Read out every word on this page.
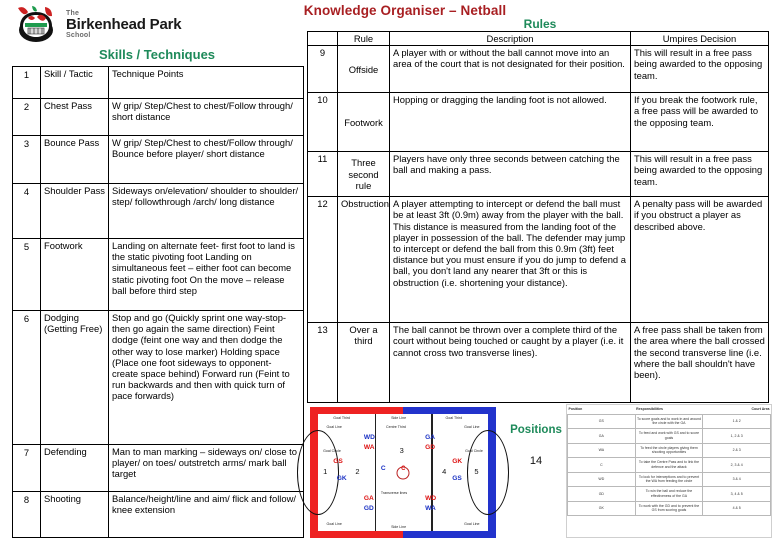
The
Birkenhead Park
School
Knowledge Organiser – Netball
Skills / Techniques
Rules
1	Skill / Tactic	Technique Points
2	Chest Pass	W grip/ Step/Chest to chest/Follow through/ short distance
3	Bounce Pass	W grip/ Step/Chest to chest/Follow through/ Bounce before player/ short distance
4	Shoulder Pass	Sideways on/elevation/ shoulder to shoulder/ step/ followthrough /arch/ long distance
5	Footwork	Landing on alternate feet- first foot to land is the static pivoting foot Landing on simultaneous feet – either foot can become static pivoting foot On the move – release ball before third step
6	Dodging (Getting Free)	Stop and go (Quickly sprint one way-stop-then go again the same direction) Feint dodge (feint one way and then dodge the other way to lose marker) Holding space (Place one foot sideways to opponent- create space behind) Forward run (Feint to run backwards and then with quick turn of pace forwards)
7	Defending	Man to man marking – sideways on/ close to player/ on toes/ outstretch arms/ mark ball target
8	Shooting	Balance/height/line and aim/ flick and follow/ knee extension
	Rule	Description	Umpires Decision
9	Offside	A player with or without the ball cannot move into an area of the court that is not designated for their position.	This will result in a free pass being awarded to the opposing team.
10	Footwork	Hopping or dragging the landing foot is not allowed.	If you break the footwork rule, a free pass will be awarded to the opposing team.
11	Three second rule	Players have only three seconds between catching the ball and making a pass.	This will result in a free pass being awarded to the opposing team.
12	Obstruction	A player attempting to intercept or defend the ball must be at least 3ft (0.9m) away from the player with the ball. This distance is measured from the landing foot of the player in possession of the ball. The defender may jump to intercept or defend the ball from this 0.9m (3ft) feet distance but you must ensure if you do jump to defend a ball, you don't land any nearer that 3ft or this is obstruction (i.e. shortening your distance).	A penalty pass will be awarded if you obstruct a player as described above.
13	Over a third	The ball cannot be thrown over a complete third of the court without being touched or caught by a player (i.e. it cannot cross two transverse lines).	A free pass shall be taken from the area where the ball crossed the second transverse line (i.e. where the ball shouldn't have been).
Goal Third
Centre Third
Goal Third
Goal Line
Goal Line
Goal Line
Goal Line
Side Line
Side Line
Goal Circle	Goal Circle
Transverse lines
1	2
3
4	5
GS
GK
WD
WA
GA
GD
C	C
GA
GD
WD
WA
GK
GS
Positions
14
Position	Responsibilities	Court Area
GS	To score goals and to work in and around the circle with the GA	1 & 2
GA	To feed and work with GS and to score goals	1, 2 & 3
WA	To feed the circle players giving them shooting opportunities	2 & 3
C	To take the Centre Pass and to link the defence and the attack	2, 3 & 4
WD	To look for interceptions and to prevent the WA from feeding the circle	3 & 4
GD	To win the ball and reduce the effectiveness of the GA	3, 4 & 5
GK	To work with the GD and to prevent the GS from scoring goals	4 & 5
